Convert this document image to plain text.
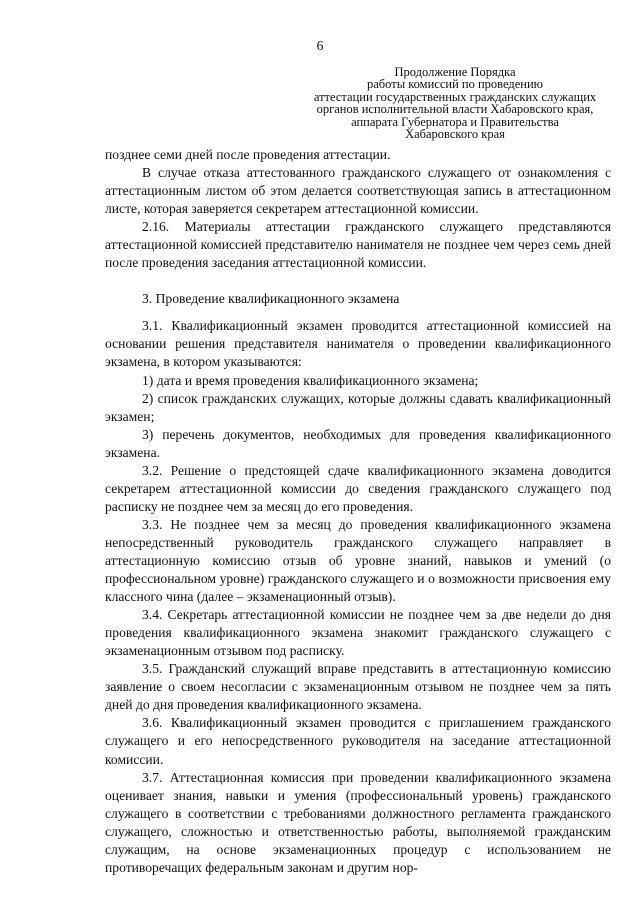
6
Продолжение Порядка
работы комиссий по проведению
аттестации государственных гражданских служащих
органов исполнительной власти Хабаровского края,
аппарата Губернатора и Правительства
Хабаровского края

позднее семи дней после проведения аттестации.

В случае отказа аттестованного гражданского служащего от ознакомления с аттестационным листом об этом делается соответствующая запись в аттестационном листе, которая заверяется секретарем аттестационной комиссии.

2.16. Материалы аттестации гражданского служащего представляются аттестационной комиссией представителю нанимателя не позднее чем через семь дней после проведения заседания аттестационной комиссии.

3. Проведение квалификационного экзамена

3.1. Квалификационный экзамен проводится аттестационной комиссией на основании решения представителя нанимателя о проведении квалификационного экзамена, в котором указываются:

1) дата и время проведения квалификационного экзамена;

2) список гражданских служащих, которые должны сдавать квалификационный экзамен;

3) перечень документов, необходимых для проведения квалификационного экзамена.

3.2. Решение о предстоящей сдаче квалификационного экзамена доводится секретарем аттестационной комиссии до сведения гражданского служащего под расписку не позднее чем за месяц до его проведения.

3.3. Не позднее чем за месяц до проведения квалификационного экзамена непосредственный руководитель гражданского служащего направляет в аттестационную комиссию отзыв об уровне знаний, навыков и умений (о профессиональном уровне) гражданского служащего и о возможности присвоения ему классного чина (далее – экзаменационный отзыв).

3.4. Секретарь аттестационной комиссии не позднее чем за две недели до дня проведения квалификационного экзамена знакомит гражданского служащего с экзаменационным отзывом под расписку.

3.5. Гражданский служащий вправе представить в аттестационную комиссию заявление о своем несогласии с экзаменационным отзывом не позднее чем за пять дней до дня проведения квалификационного экзамена.

3.6. Квалификационный экзамен проводится с приглашением гражданского служащего и его непосредственного руководителя на заседание аттестационной комиссии.

3.7. Аттестационная комиссия при проведении квалификационного экзамена оценивает знания, навыки и умения (профессиональный уровень) гражданского служащего в соответствии с требованиями должностного регламента гражданского служащего, сложностью и ответственностью работы, выполняемой гражданским служащим, на основе экзаменационных процедур с использованием не противоречащих федеральным законам и другим нор-
